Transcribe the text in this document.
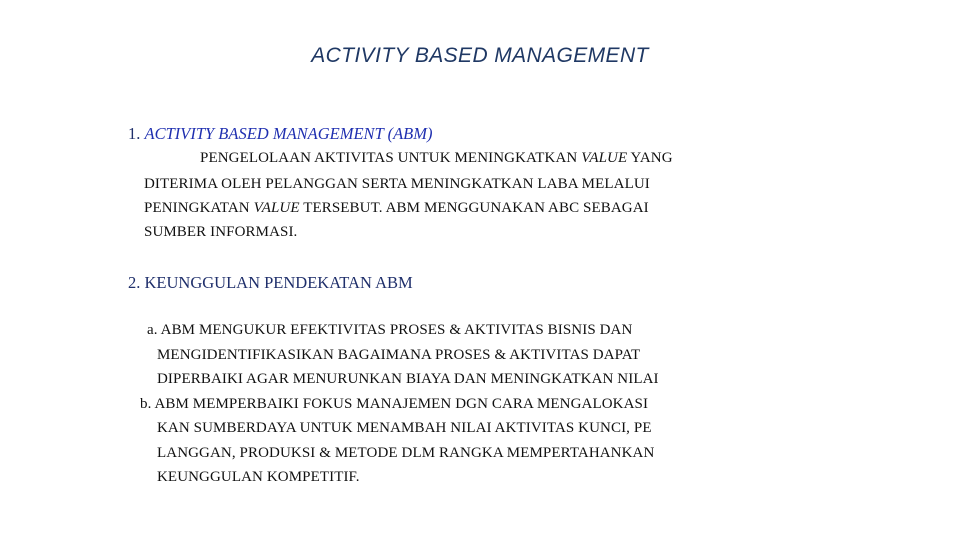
ACTIVITY BASED MANAGEMENT
1. ACTIVITY BASED MANAGEMENT (ABM)
PENGELOLAAN AKTIVITAS UNTUK MENINGKATKAN VALUE YANG
DITERIMA OLEH PELANGGAN SERTA MENINGKATKAN LABA MELALUI
PENINGKATAN VALUE TERSEBUT. ABM MENGGUNAKAN ABC SEBAGAI
SUMBER INFORMASI.
2. KEUNGGULAN PENDEKATAN ABM
a. ABM MENGUKUR EFEKTIVITAS PROSES & AKTIVITAS BISNIS DAN
MENGIDENTIFIKASIKAN BAGAIMANA PROSES & AKTIVITAS DAPAT
DIPERBAIKI AGAR MENURUNKAN BIAYA DAN MENINGKATKAN NILAI
b. ABM MEMPERBAIKI FOKUS MANAJEMEN DGN CARA MENGALOKASI
KAN SUMBERDAYA UNTUK MENAMBAH NILAI AKTIVITAS KUNCI, PE
LANGGAN, PRODUKSI & METODE DLM RANGKA MEMPERTAHANKAN
KEUNGGULAN KOMPETITIF.
